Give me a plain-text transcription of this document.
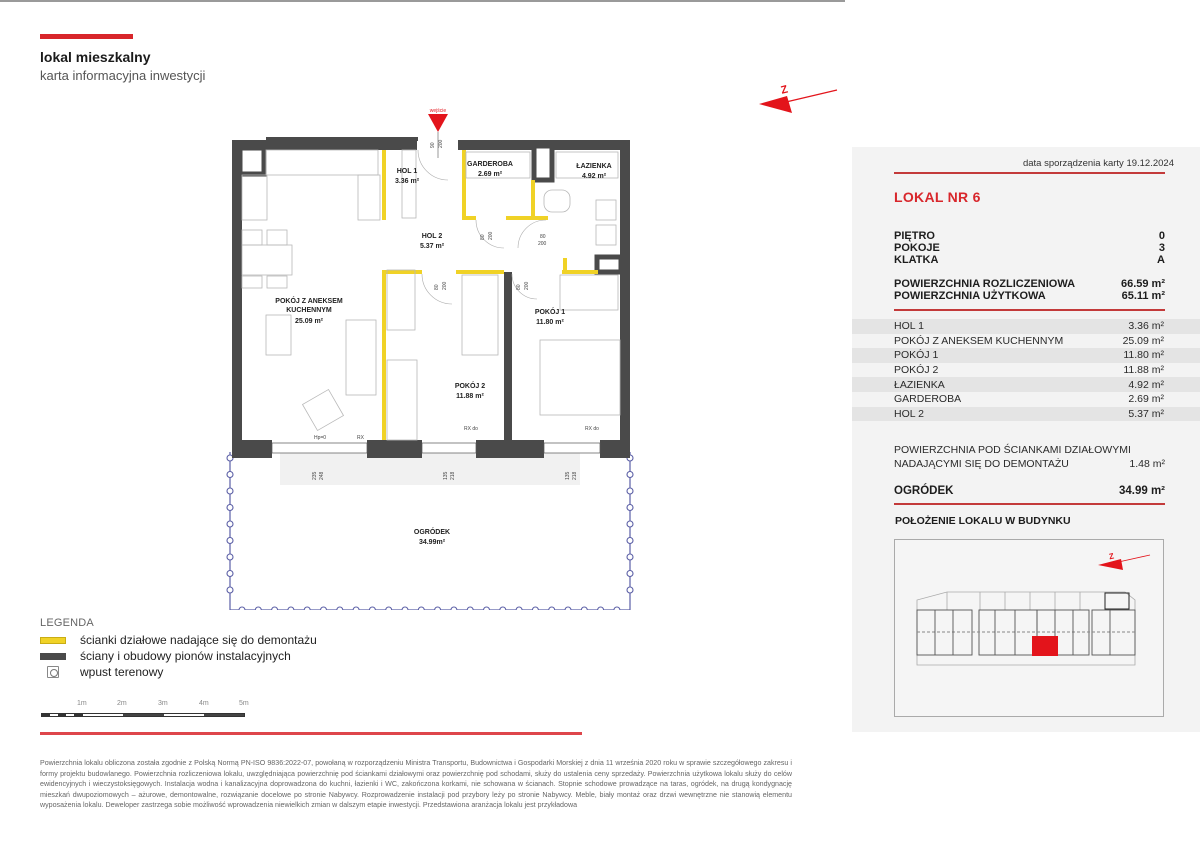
lokal mieszkalny
karta informacyjna inwestycji
Z
wejście
90 200
80 200	80
200
80 200	80 200
235 248	135 218	135 218
Hp=0	RX
RX do	RX do
HOL 1
3.36 m²
GARDEROBA
2.69 m²
ŁAZIENKA
4.92 m²
HOL 2
5.37 m²
POKÓJ Z ANEKSEM
KUCHENNYM
25.09 m²
POKÓJ 1
11.80 m²
POKÓJ 2
11.88 m²
OGRÓDEK
34.99m²
LEGENDA
ścianki działowe nadające się do demontażu
ściany i obudowy pionów instalacyjnych
wpust terenowy
1m	2m	3m	4m	5m
Powierzchnia lokalu obliczona została zgodnie z Polską Normą PN-ISO 9836:2022-07, powołaną w rozporządzeniu Ministra Transportu, Budownictwa i Gospodarki Morskiej z dnia 11 września 2020 roku w sprawie szczegółowego zakresu i formy projektu budowlanego. Powierzchnia rozliczeniowa lokalu, uwzględniająca powierzchnię pod ściankami działowymi oraz powierzchnię pod schodami, służy do ustalenia ceny sprzedaży. Powierzchnia użytkowa lokalu służy do celów ewidencyjnych i wieczystoksięgowych. Instalacja wodna i kanalizacyjna doprowadzona do kuchni, łazienki i WC, zakończona korkami, nie schowana w ścianach. Stopnie schodowe prowadzące na taras, ogródek, na drugą kondygnację mieszkań dwupoziomowych – ażurowe, demontowalne, rozwiązanie docelowe po stronie Nabywcy. Rozprowadzenie instalacji pod przybory leży po stronie Nabywcy. Meble, biały montaż oraz drzwi wewnętrzne nie stanowią elementu wyposażenia lokalu. Deweloper zastrzega sobie możliwość wprowadzenia niewielkich zmian w dalszym etapie inwestycji. Przedstawiona aranżacja lokalu jest przykładowa
data sporządzenia karty 19.12.2024
LOKAL NR 6
PIĘTRO	0
POKOJE	3
KLATKA	A
POWIERZCHNIA ROZLICZENIOWA	66.59 m²
POWIERZCHNIA UŻYTKOWA	65.11 m²
HOL 1	3.36 m²
POKÓJ Z ANEKSEM KUCHENNYM	25.09 m²
POKÓJ 1	11.80 m²
POKÓJ 2	11.88 m²
ŁAZIENKA	4.92 m²
GARDEROBA	2.69 m²
HOL 2	5.37 m²
POWIERZCHNIA POD ŚCIANKAMI DZIAŁOWYMI
NADAJĄCYMI SIĘ DO DEMONTAŻU	1.48 m²
OGRÓDEK	34.99 m²
POŁOŻENIE LOKALU W BUDYNKU
Z
